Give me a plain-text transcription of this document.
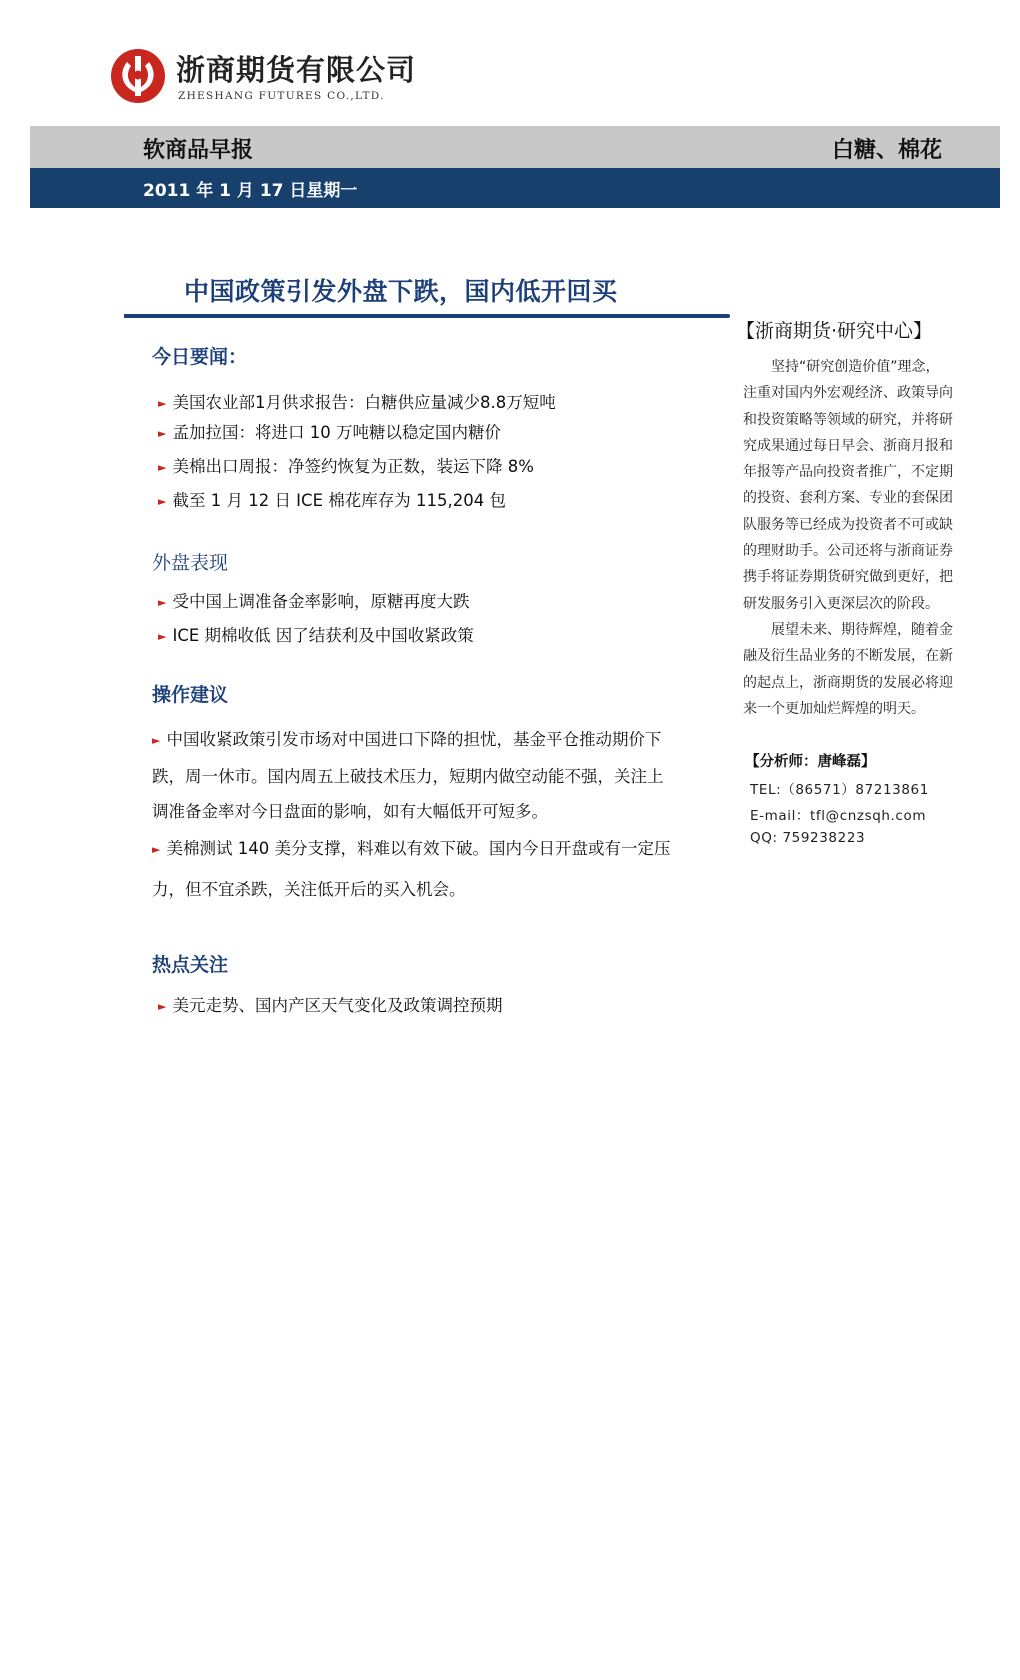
浙商期货有限公司
ZHESHANG FUTURES CO.,LTD.
软商品早报	白糖、棉花
2011 年 1 月 17 日星期一
中国政策引发外盘下跌，国内低开回买
今日要闻：
► 美国农业部1月供求报告：白糖供应量减少8.8万短吨
► 孟加拉国：将进口 10 万吨糖以稳定国内糖价
► 美棉出口周报：净签约恢复为正数，装运下降 8%
► 截至 1 月 12 日 ICE 棉花库存为 115,204 包
外盘表现
► 受中国上调准备金率影响，原糖再度大跌
► ICE 期棉收低 因了结获利及中国收紧政策
操作建议
► 中国收紧政策引发市场对中国进口下降的担忧，基金平仓推动期价下
跌，周一休市。国内周五上破技术压力，短期内做空动能不强，关注上
调准备金率对今日盘面的影响，如有大幅低开可短多。
► 美棉测试 140 美分支撑，料难以有效下破。国内今日开盘或有一定压
力，但不宜杀跌，关注低开后的买入机会。
热点关注
► 美元走势、国内产区天气变化及政策调控预期
【浙商期货·研究中心】
坚持“研究创造价值”理念，
注重对国内外宏观经济、政策导向
和投资策略等领域的研究，并将研
究成果通过每日早会、浙商月报和
年报等产品向投资者推广，不定期
的投资、套利方案、专业的套保团
队服务等已经成为投资者不可或缺
的理财助手。公司还将与浙商证券
携手将证券期货研究做到更好，把
研发服务引入更深层次的阶段。
展望未来、期待辉煌，随着金
融及衍生品业务的不断发展，在新
的起点上，浙商期货的发展必将迎
来一个更加灿烂辉煌的明天。
【分析师：唐峰磊】
TEL:（86571）87213861
E-mail：tfl@cnzsqh.com
QQ: 759238223
